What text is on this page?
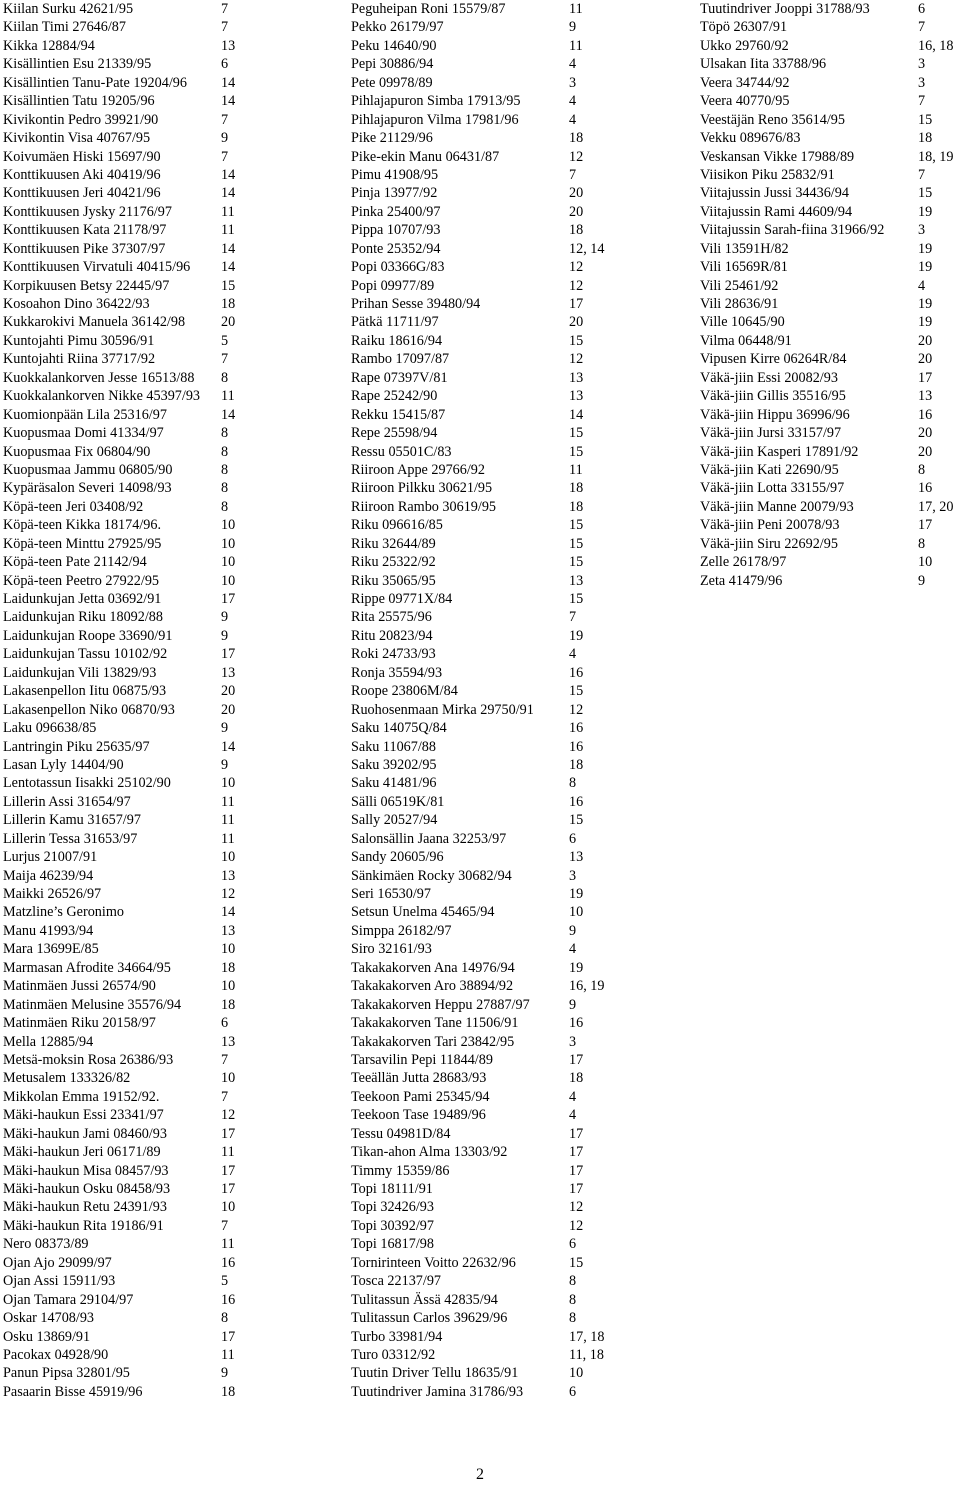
Kiilan Surku 42621/95	7
Kiilan Timi 27646/87	7
Kikka 12884/94	13
Kisällintien Esu 21339/95	6
Kisällintien Tanu-Pate 19204/96	14
Kisällintien Tatu 19205/96	14
Kivikontin Pedro 39921/90	7
Kivikontin Visa 40767/95	9
Koivumäen Hiski 15697/90	7
Konttikuusen Aki 40419/96	14
Konttikuusen Jeri 40421/96	14
Konttikuusen Jysky 21176/97	11
Konttikuusen Kata 21178/97	11
Konttikuusen Pike 37307/97	14
Konttikuusen Virvatuli 40415/96	14
Korpikuusen Betsy 22445/97	15
Kosoahon Dino 36422/93	18
Kukkarokivi Manuela 36142/98	20
Kuntojahti Pimu 30596/91	5
Kuntojahti Riina 37717/92	7
Kuokkalankorven Jesse 16513/88	8
Kuokkalankorven Nikke 45397/93	11
Kuomionpään Lila 25316/97	14
Kuopusmaa Domi 41334/97	8
Kuopusmaa Fix 06804/90	8
Kuopusmaa Jammu 06805/90	8
Kypäräsalon Severi 14098/93	8
Köpä-teen Jeri 03408/92	8
Köpä-teen Kikka 18174/96.	10
Köpä-teen Minttu 27925/95	10
Köpä-teen Pate 21142/94	10
Köpä-teen Peetro 27922/95	10
Laidunkujan Jetta 03692/91	17
Laidunkujan Riku 18092/88	9
Laidunkujan Roope 33690/91	9
Laidunkujan Tassu 10102/92	17
Laidunkujan Vili 13829/93	13
Lakasenpellon Iitu 06875/93	20
Lakasenpellon Niko 06870/93	20
Laku 096638/85	9
Lantringin Piku 25635/97	14
Lasan Lyly 14404/90	9
Lentotassun Iisakki 25102/90	10
Lillerin Assi 31654/97	11
Lillerin Kamu 31657/97	11
Lillerin Tessa 31653/97	11
Lurjus 21007/91	10
Maija 46239/94	13
Maikki 26526/97	12
Matzline’s Geronimo	14
Manu 41993/94	13
Mara 13699E/85	10
Marmasan Afrodite 34664/95	18
Matinmäen Jussi 26574/90	10
Matinmäen Melusine 35576/94	18
Matinmäen Riku 20158/97	6
Mella 12885/94	13
Metsä-moksin Rosa 26386/93	7
Metusalem 133326/82	10
Mikkolan Emma 19152/92.	7
Mäki-haukun Essi 23341/97	12
Mäki-haukun Jami 08460/93	17
Mäki-haukun Jeri 06171/89	11
Mäki-haukun Misa 08457/93	17
Mäki-haukun Osku 08458/93	17
Mäki-haukun Retu 24391/93	10
Mäki-haukun Rita 19186/91	7
Nero 08373/89	11
Ojan Ajo 29099/97	16
Ojan Assi 15911/93	5
Ojan Tamara 29104/97	16
Oskar 14708/93	8
Osku 13869/91	17
Pacokax 04928/90	11
Panun Pipsa 32801/95	9
Pasaarin Bisse 45919/96	18
Peguheipan Roni 15579/87	11
Pekko 26179/97	9
Peku 14640/90	11
Pepi 30886/94	4
Pete 09978/89	3
Pihlajapuron Simba 17913/95	4
Pihlajapuron Vilma 17981/96	4
Pike 21129/96	18
Pike-ekin Manu 06431/87	12
Pimu 41908/95	7
Pinja 13977/92	20
Pinka 25400/97	20
Pippa 10707/93	18
Ponte 25352/94	12, 14
Popi 03366G/83	12
Popi 09977/89	12
Prihan Sesse 39480/94	17
Pätkä 11711/97	20
Raiku 18616/94	15
Rambo 17097/87	12
Rape 07397V/81	13
Rape 25242/90	13
Rekku 15415/87	14
Repe 25598/94	15
Ressu 05501C/83	15
Riiroon Appe 29766/92	11
Riiroon Pilkku 30621/95	18
Riiroon Rambo 30619/95	18
Riku 096616/85	15
Riku 32644/89	15
Riku 25322/92	15
Riku 35065/95	13
Rippe 09771X/84	15
Rita 25575/96	7
Ritu 20823/94	19
Roki 24733/93	4
Ronja 35594/93	16
Roope 23806M/84	15
Ruohosenmaan Mirka 29750/91	12
Saku 14075Q/84	16
Saku 11067/88	16
Saku 39202/95	18
Saku 41481/96	8
Sälli 06519K/81	16
Sally 20527/94	15
Salonsällin Jaana 32253/97	6
Sandy 20605/96	13
Sänkimäen Rocky 30682/94	3
Seri 16530/97	19
Setsun Unelma 45465/94	10
Simppa 26182/97	9
Siro 32161/93	4
Takakakorven Ana 14976/94	19
Takakakorven Aro 38894/92	16, 19
Takakakorven Heppu 27887/97	9
Takakakorven Tane 11506/91	16
Takakakorven Tari 23842/95	3
Tarsavilin Pepi 11844/89	17
Teeällän Jutta 28683/93	18
Teekoon Pami 25345/94	4
Teekoon Tase 19489/96	4
Tessu 04981D/84	17
Tikan-ahon Alma 13303/92	17
Timmy 15359/86	17
Topi 18111/91	17
Topi 32426/93	12
Topi 30392/97	12
Topi 16817/98	6
Tornirinteen Voitto 22632/96	15
Tosca 22137/97	8
Tulitassun Ässä 42835/94	8
Tulitassun Carlos 39629/96	8
Turbo 33981/94	17, 18
Turo 03312/92	11, 18
Tuutin Driver Tellu 18635/91	10
Tuutindriver Jamina 31786/93	6
Tuutindriver Jooppi 31788/93	6
Töpö 26307/91	7
Ukko 29760/92	16, 18
Ulsakan Iita 33788/96	3
Veera 34744/92	3
Veera 40770/95	7
Veestäjän Reno 35614/95	15
Vekku 089676/83	18
Veskansan Vikke 17988/89	18, 19
Viisikon Piku 25832/91	7
Viitajussin Jussi 34436/94	15
Viitajussin Rami 44609/94	19
Viitajussin Sarah-fiina 31966/92	3
Vili 13591H/82	19
Vili 16569R/81	19
Vili 25461/92	4
Vili 28636/91	19
Ville 10645/90	19
Vilma 06448/91	20
Vipusen Kirre 06264R/84	20
Väkä-jiin Essi 20082/93	17
Väkä-jiin Gillis 35516/95	13
Väkä-jiin Hippu 36996/96	16
Väkä-jiin Jursi 33157/97	20
Väkä-jiin Kasperi 17891/92	20
Väkä-jiin Kati 22690/95	8
Väkä-jiin Lotta 33155/97	16
Väkä-jiin Manne 20079/93	17, 20
Väkä-jiin Peni 20078/93	17
Väkä-jiin Siru 22692/95	8
Zelle 26178/97	10
Zeta 41479/96	9
2
